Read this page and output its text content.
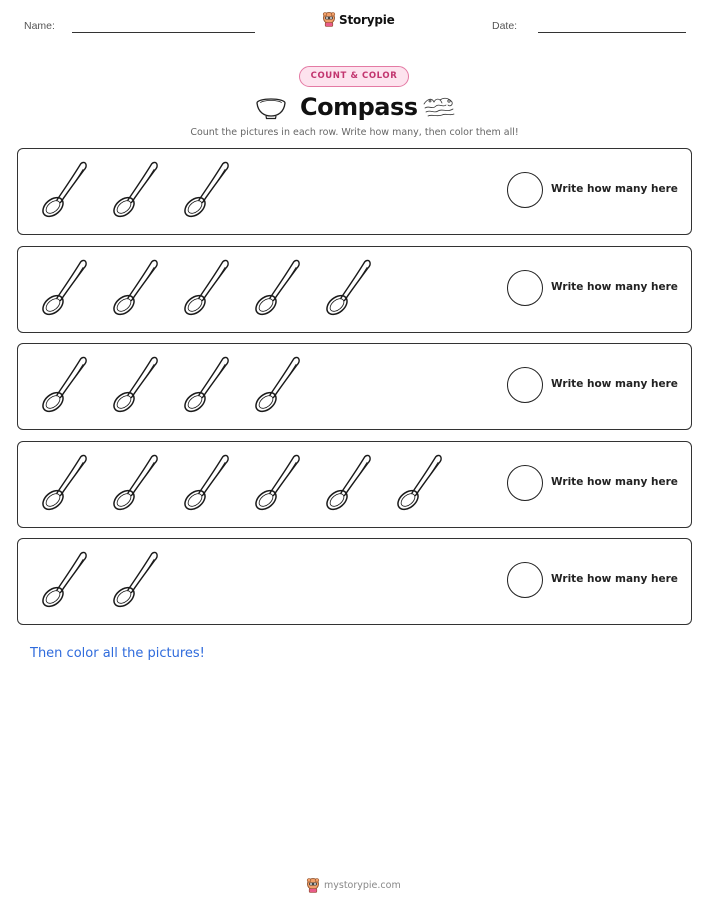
Name:	Storypie	Date:
COUNT & COLOR
Compass
Count the pictures in each row. Write how many, then color them all!
Write how many here
Write how many here
Write how many here
Write how many here
Write how many here
Then color all the pictures!
mystorypie.com
